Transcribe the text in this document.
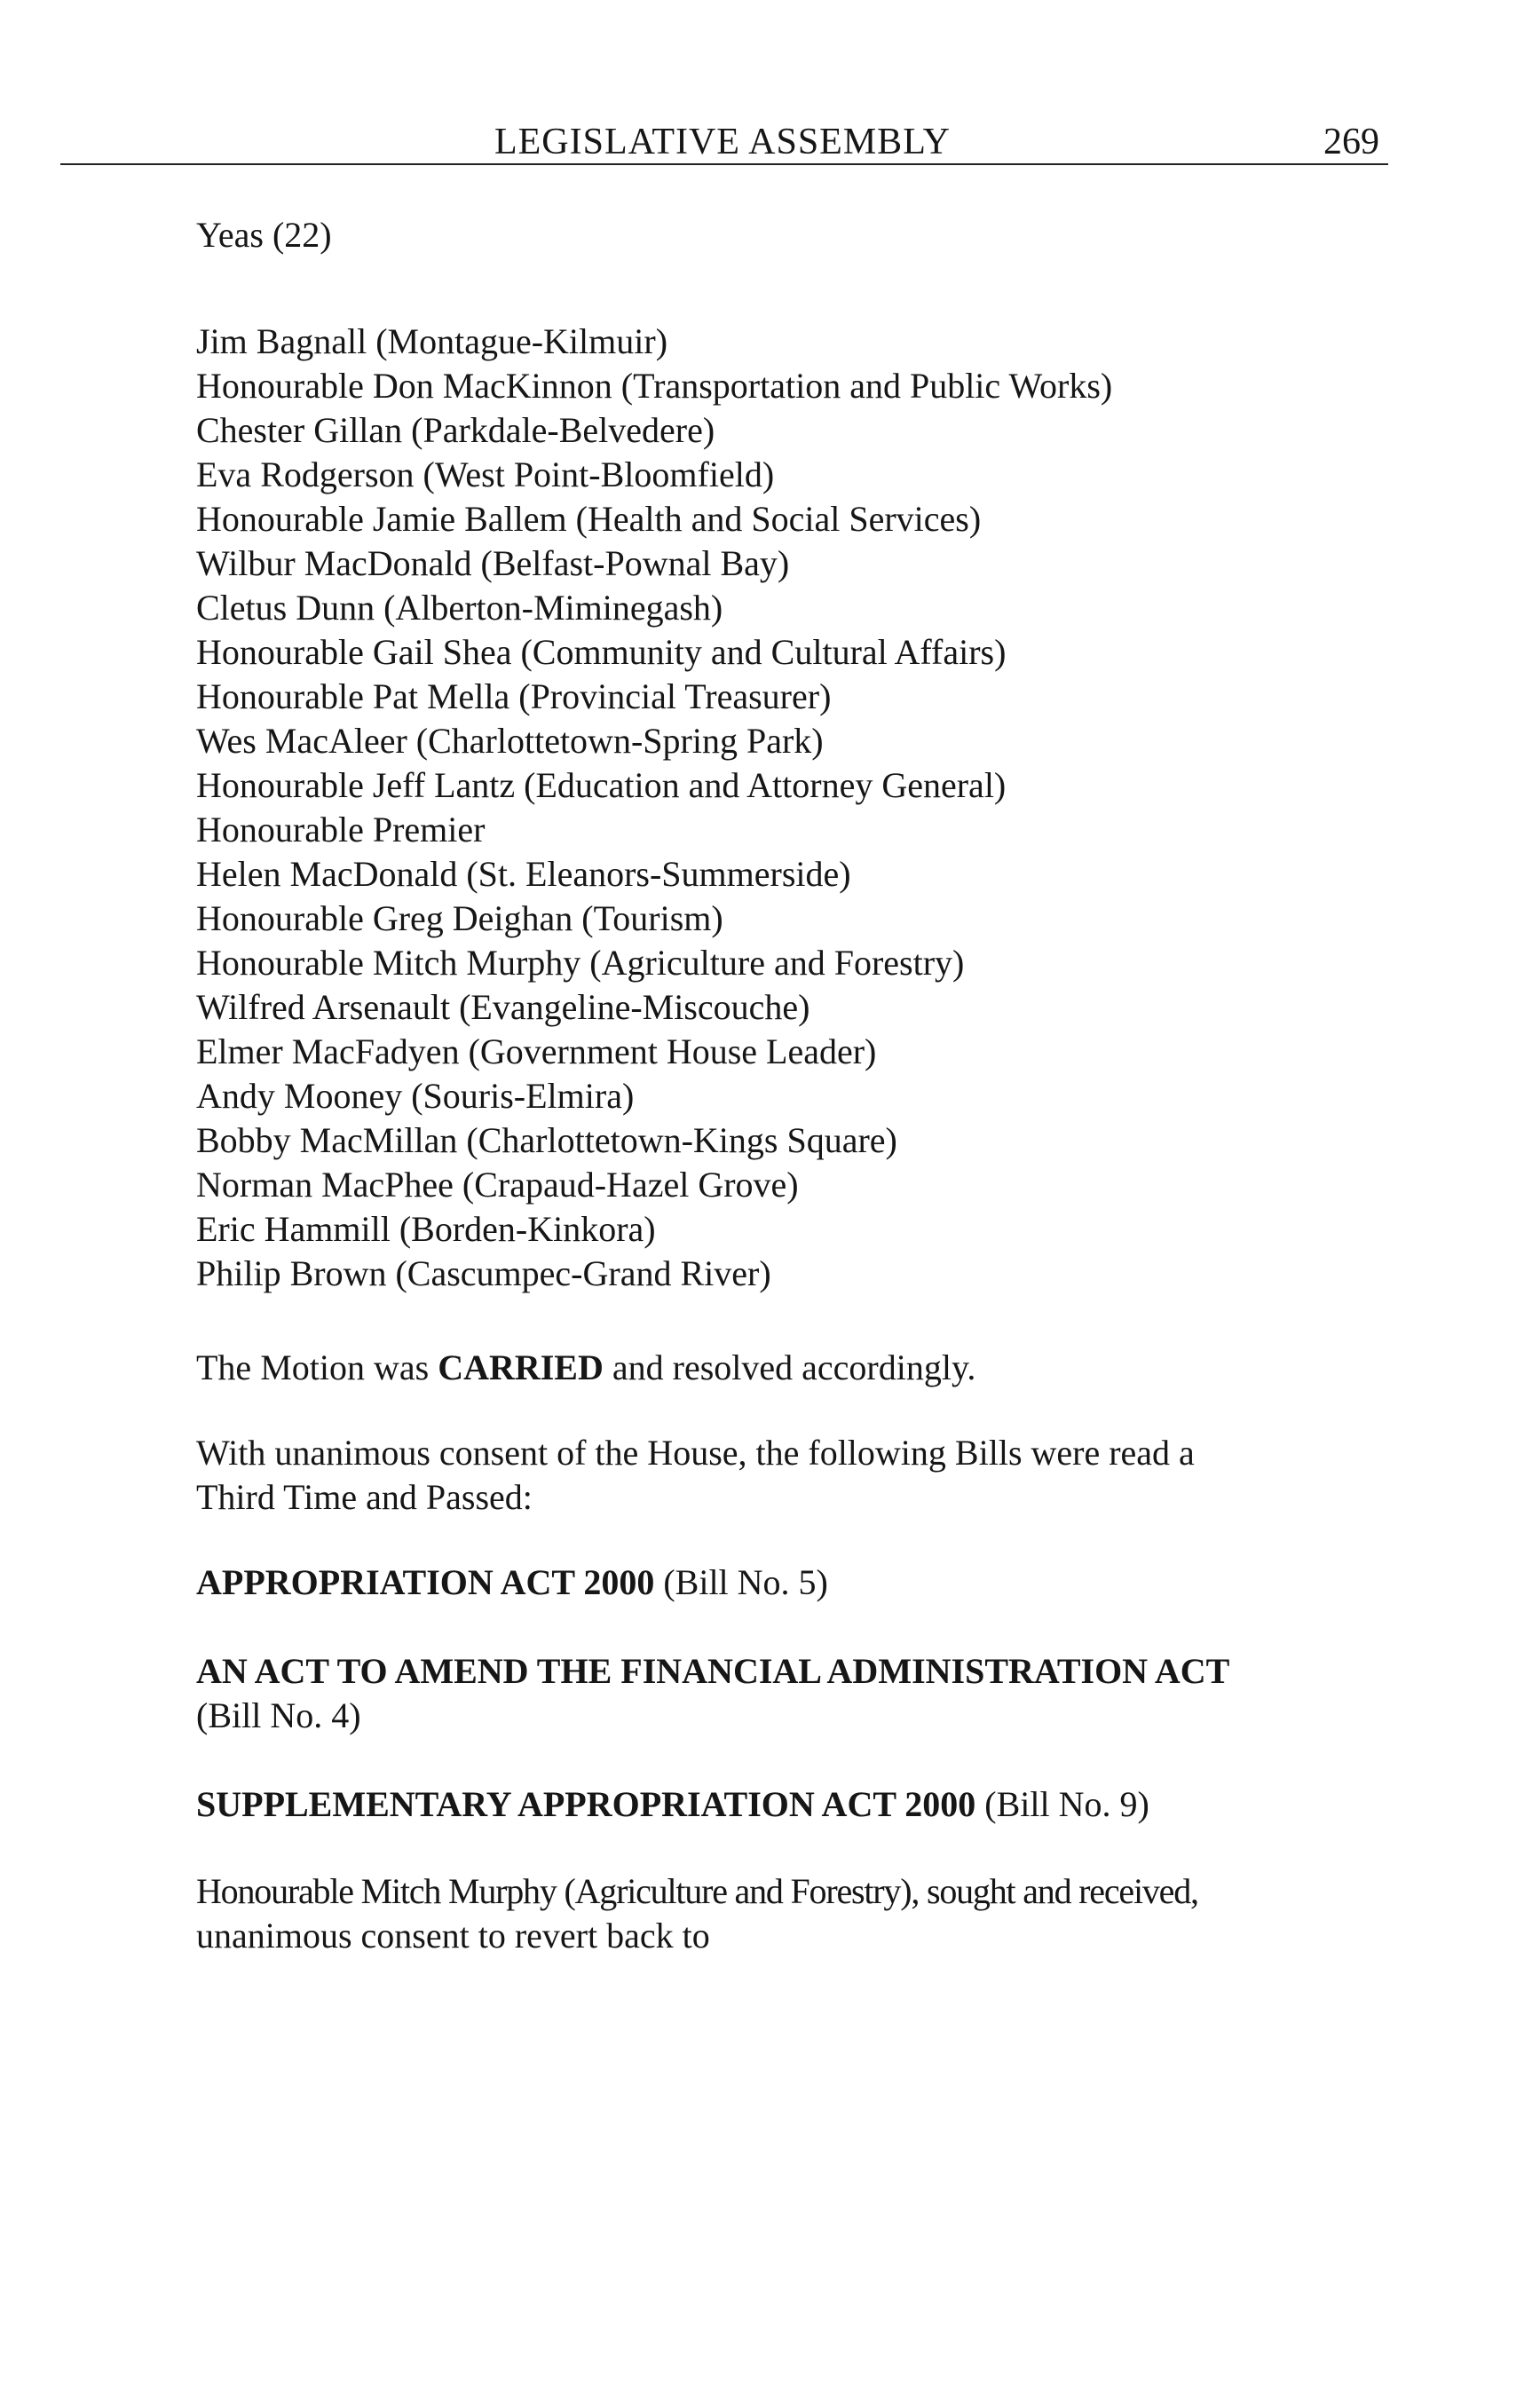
LEGISLATIVE ASSEMBLY	269

Yeas (22)

Jim Bagnall (Montague-Kilmuir)
Honourable Don MacKinnon (Transportation and Public Works)
Chester Gillan (Parkdale-Belvedere)
Eva Rodgerson (West Point-Bloomfield)
Honourable Jamie Ballem (Health and Social Services)
Wilbur MacDonald (Belfast-Pownal Bay)
Cletus Dunn (Alberton-Miminegash)
Honourable Gail Shea (Community and Cultural Affairs)
Honourable Pat Mella (Provincial Treasurer)
Wes MacAleer (Charlottetown-Spring Park)
Honourable Jeff Lantz (Education and Attorney General)
Honourable Premier
Helen MacDonald (St. Eleanors-Summerside)
Honourable Greg Deighan (Tourism)
Honourable Mitch Murphy (Agriculture and Forestry)
Wilfred Arsenault (Evangeline-Miscouche)
Elmer MacFadyen (Government House Leader)
Andy Mooney (Souris-Elmira)
Bobby MacMillan (Charlottetown-Kings Square)
Norman MacPhee (Crapaud-Hazel Grove)
Eric Hammill (Borden-Kinkora)
Philip Brown (Cascumpec-Grand River)

The Motion was CARRIED and resolved accordingly.

With unanimous consent of the House, the following Bills were read a
Third Time and Passed:

APPROPRIATION ACT 2000 (Bill No. 5)

AN ACT TO AMEND THE FINANCIAL ADMINISTRATION ACT
(Bill No. 4)

SUPPLEMENTARY APPROPRIATION ACT 2000 (Bill No. 9)

Honourable Mitch Murphy (Agriculture and Forestry), sought and received,
unanimous consent to revert back to
